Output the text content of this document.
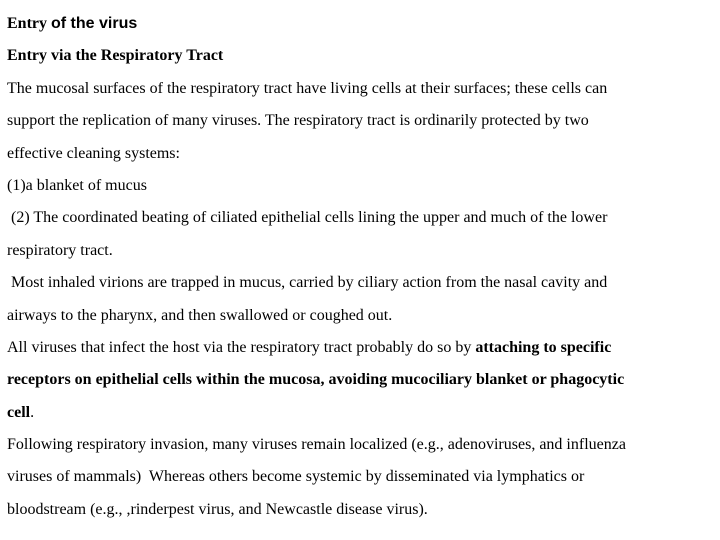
Entry of the virus
Entry via the Respiratory Tract
The mucosal surfaces of the respiratory tract have living cells at their surfaces; these cells can
support the replication of many viruses. The respiratory tract is ordinarily protected by two
effective cleaning systems:
(1)a blanket of mucus
(2) The coordinated beating of ciliated epithelial cells lining the upper and much of the lower
respiratory tract.
Most inhaled virions are trapped in mucus, carried by ciliary action from the nasal cavity and
airways to the pharynx, and then swallowed or coughed out.
All viruses that infect the host via the respiratory tract probably do so by attaching to specific
receptors on epithelial cells within the mucosa, avoiding mucociliary blanket or phagocytic
cell.
Following respiratory invasion, many viruses remain localized (e.g., adenoviruses, and influenza
viruses of mammals)  Whereas others become systemic by disseminated via lymphatics or
bloodstream (e.g., ,rinderpest virus, and Newcastle disease virus).
